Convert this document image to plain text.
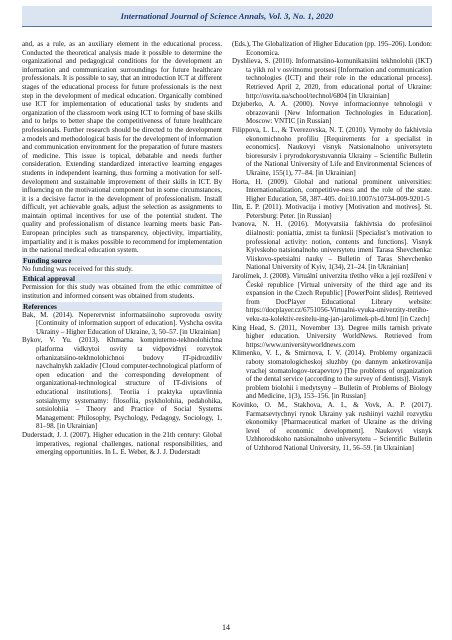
International Journal of Science Annals, Vol. 3, No. 1, 2020

and, as a rule, as an auxiliary element in the educational process. Conducted the theoretical analysis made it possible to determine the organizational and pedagogical conditions for the development an information and communication surroundings for future healthcare professionals. It is possible to say, that an introduction ICT at different stages of the educational process for future professionals is the next step in the development of medical education. Organically combined use ICT for implementation of educational tasks by students and organization of the classroom work using ICT to forming of base skills and to helps to better shape the competitiveness of future healthcare professionals. Further research should be directed to the development a models and methodological basis for the development of information and communication environment for the preparation of future masters of medicine. This issue is topical, debatable and needs further consideration. Extending standardized interactive learning engages students in independent learning, thus forming a motivation for self-development and sustainable improvement of their skills in ICT. By influencing on the motivational component but in some circumstances, it is a decisive factor in the development of professionalism. Install difficult, yet achievable goals, adjust the selection as assignments to maintain optimal incentives for use of the potential student. The quality and professionalism of distance learning meets basic Pan-European principles such as transparency, objectivity, impartiality, impartiality and it is makes possible to recommend for implementation in the national medical education system.

Funding source

No funding was received for this study.

Ethical approval

Permission for this study was obtained from the ethic committee of institution and informed consent was obtained from students.

References

Bak, M. (2014). Neperervnist informatsiinoho suprovodu osvity [Continuity of information support of education]. Vyshcha osvita Ukrainy – Higher Education of Ukraine, 3, 50–57. [in Ukrainian]

Bykov, V. Yu. (2013). Khmarna kompiuterno-tekhnolohichna platforma vidkrytoi osvity ta vidpovidnyi rozvytok orhanizatsiino-tekhnolohichnoi budovy IT-pidrozdiliv navchalnykh zakladiv [Cloud computer-technological platform of open education and the corresponding development of organizational-technological structure of IT-divisions of educational institutions]. Teoriia i praktyka upravlinnia sotsialnymy systemamy: filosofiia, psykholohiia, pedahohika, sotsiolohiia – Theory and Practice of Social Systems Management: Philosophy, Psychology, Pedagogy, Sociology, 1, 81–98. [in Ukrainian]

Duderstadt, J. J. (2007). Higher education in the 21th century: Global imperatives, regional challenges, national responsibilities, and emerging opportunities. In L. E. Weber, & J. J. Duderstadt

(Eds.), The Globalization of Higher Education (pp. 195–206). London: Economica.

Dyshlieva, S. (2010). Informatsiino-komunikatsiini tekhnolohii (IKT) ta yikh rol v osvitnomu protsesi [Information and communication technologies (ICT) and their role in the educational process]. Retrieved April 2, 2020, from educational portal of Ukraine: http://osvita.ua/school/technol/6804 [in Ukrainian]

Dzjuberko, A. A. (2000). Novye informacionnye tehnologii v obrazovanii [New Information Technologies in Education]. Moscow: VNTIC [in Russian]

Filippova, L. L., & Tverezovska, N. T. (2010). Vymohy do fakhivtsia ekonomichnoho profiliu [Requirements for a specialist in economics]. Naukovyi visnyk Natsionalnoho universytetu bioresursiv i pryrodokorystuvannia Ukrainy – Scientific Bulletin of the National University of Life and Environmental Sciences of Ukraine, 155(1), 77–84. [in Ukrainian]

Horta, H. (2009). Global and national prominent universities: Internationalization, competitive-ness and the role of the state. Higher Education, 58, 387–405. doi:10.1007/s10734-009-9201-5

Ilin, E. P. (2011). Motivacija i motivy [Motivation and motives]. St. Petersburg: Peter. [in Russian]

Ivanova, N. H. (2016). Motyvatsiia fakhivtsia do profesiinoi diialnosti: poniattia, zmist ta funktsii [Specialist’s motivation to professional activity: notion, contents and functions]. Visnyk Kyivskoho natsionalnoho universytetu imeni Tarasa Shevchenka: Viiskovo-spetsialni nauky – Bulletin of Taras Shevchenko National University of Kyiv, 1(34), 21–24. [in Ukrainian]

Jarolímek, J. (2008). Virtuální univerzita třetího věku a její rozšíření v České republice [Virtual university of the third age and its expansion in the Czech Republic] [PowerPoint slides]. Retrieved from DocPlayer Educational Library website: https://docplayer.cz/6751056-Virtualni-vyuka-univerzity-tretiho-veku-za-kolektiv-resitelu-ing-jan-jarolimek-ph-d.html [in Czech]

King Head, S. (2011, November 13). Degree mills tarnish private higher education. University WorldNews. Retrieved from https://www.universityworldnews.com

Klimenko, V. I., & Smirnova, I. V. (2014). Problemy organizacii raboty stomatologicheskoj sluzhby (po dannym anketirovanija vrachej stomatologov-terapevtov) [The problems of organization of the dental service (according to the survey of dentists)]. Visnyk problem biolohii i medytsyny – Bulletin of Problems of Biology and Medicine, 1(3), 153–156. [in Russian]

Kovinko, O. M., Stakhova, A. I., & Vovk, A. P. (2017). Farmatsevtychnyi rynok Ukrainy yak rushiinyi vazhil rozvytku ekonomiky [Pharmaceutical market of Ukraine as the driving level of economic development]. Naukovyi visnyk Uzhhorodskoho natsionalnoho universytetu – Scientific Bulletin of Uzhhorod National University, 11, 56–59. [in Ukrainian]

14
